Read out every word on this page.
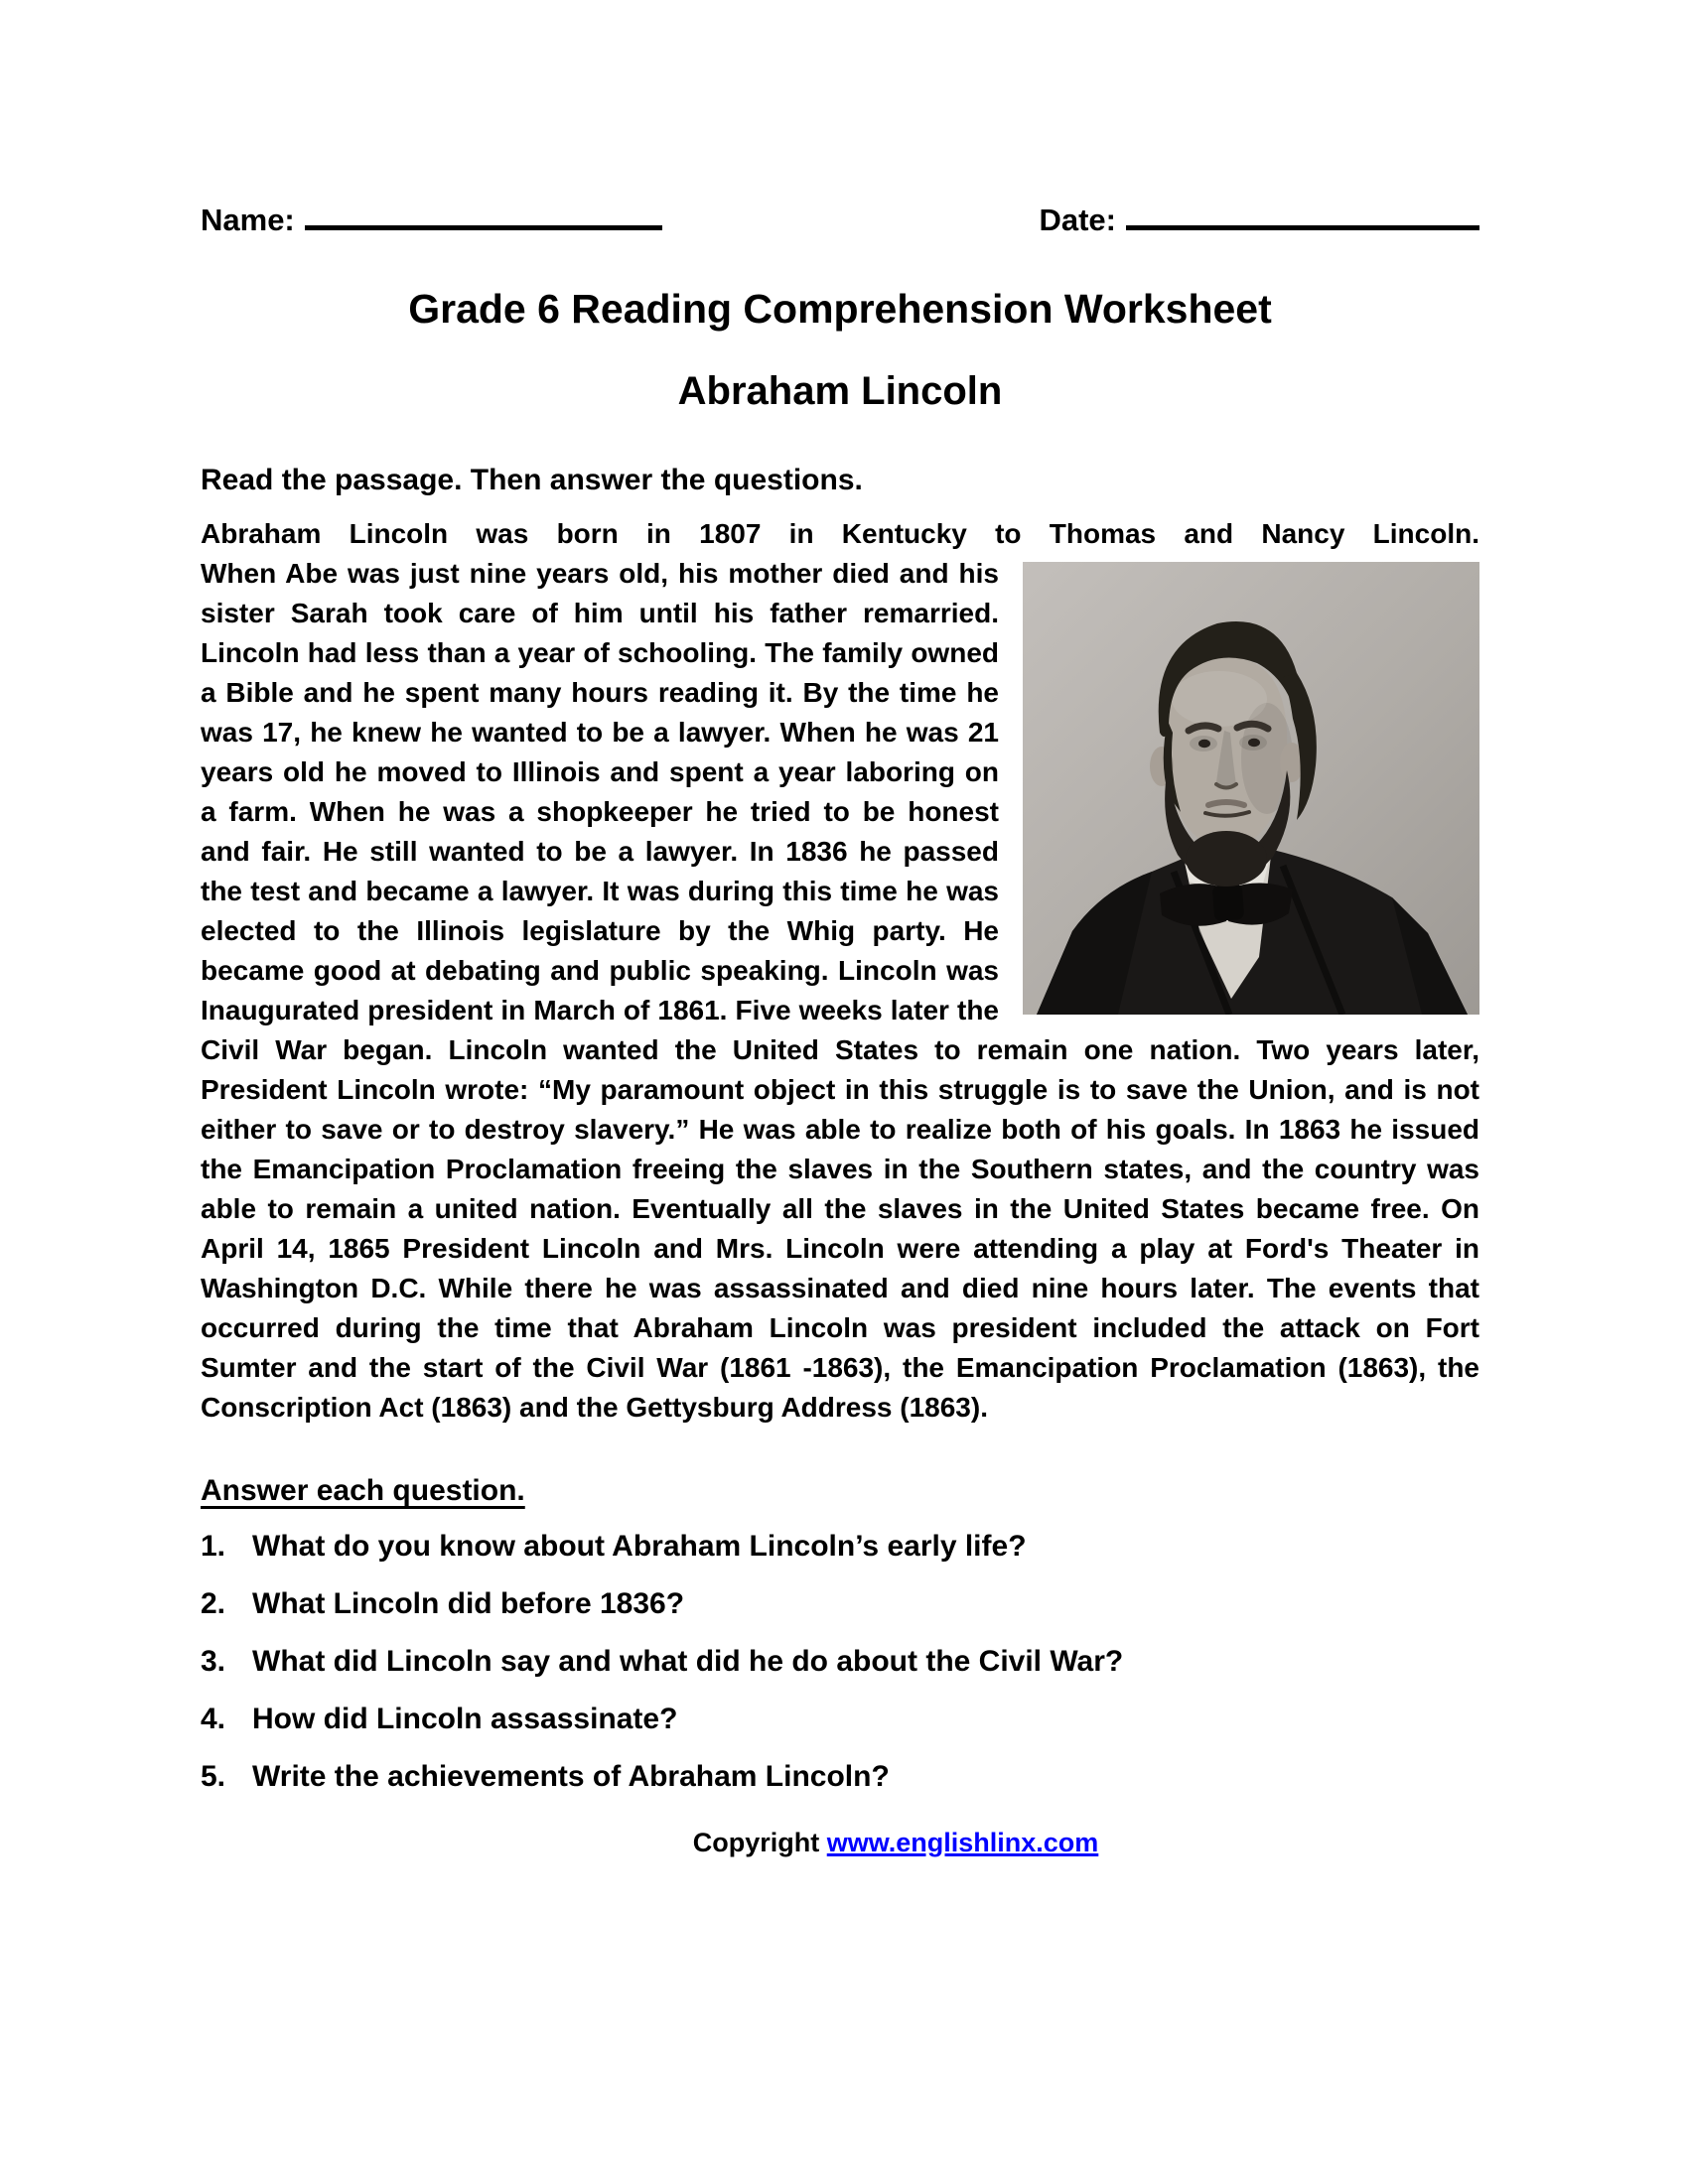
Name:	Date:
Grade 6 Reading Comprehension Worksheet
Abraham Lincoln

Read the passage. Then answer the questions.

Abraham Lincoln was born in 1807 in Kentucky to Thomas and Nancy Lincoln.
When Abe was just nine years old, his mother died and his sister Sarah took care of him until his father remarried. Lincoln had less than a year of schooling. The family owned a Bible and he spent many hours reading it. By the time he was 17, he knew he wanted to be a lawyer. When he was 21 years old he moved to Illinois and spent a year laboring on a farm. When he was a shopkeeper he tried to be honest and fair. He still wanted to be a lawyer. In 1836 he passed the test and became a lawyer. It was during this time he was elected to the Illinois legislature by the Whig party. He became good at debating and public speaking. Lincoln was Inaugurated president in March of 1861. Five weeks later the Civil War began. Lincoln wanted the United States to remain one nation. Two years later, President Lincoln wrote: “My paramount object in this struggle is to save the Union, and is not either to save or to destroy slavery.” He was able to realize both of his goals. In 1863 he issued the Emancipation Proclamation freeing the slaves in the Southern states, and the country was able to remain a united nation. Eventually all the slaves in the United States became free. On April 14, 1865 President Lincoln and Mrs. Lincoln were attending a play at Ford's Theater in Washington D.C. While there he was assassinated and died nine hours later. The events that occurred during the time that Abraham Lincoln was president included the attack on Fort Sumter and the start of the Civil War (1861 -1863), the Emancipation Proclamation (1863), the Conscription Act (1863) and the Gettysburg Address (1863).
Answer each question.
1. What do you know about Abraham Lincoln’s early life?
2. What Lincoln did before 1836?
3. What did Lincoln say and what did he do about the Civil War?
4. How did Lincoln assassinate?
5. Write the achievements of Abraham Lincoln?
Copyright www.englishlinx.com
